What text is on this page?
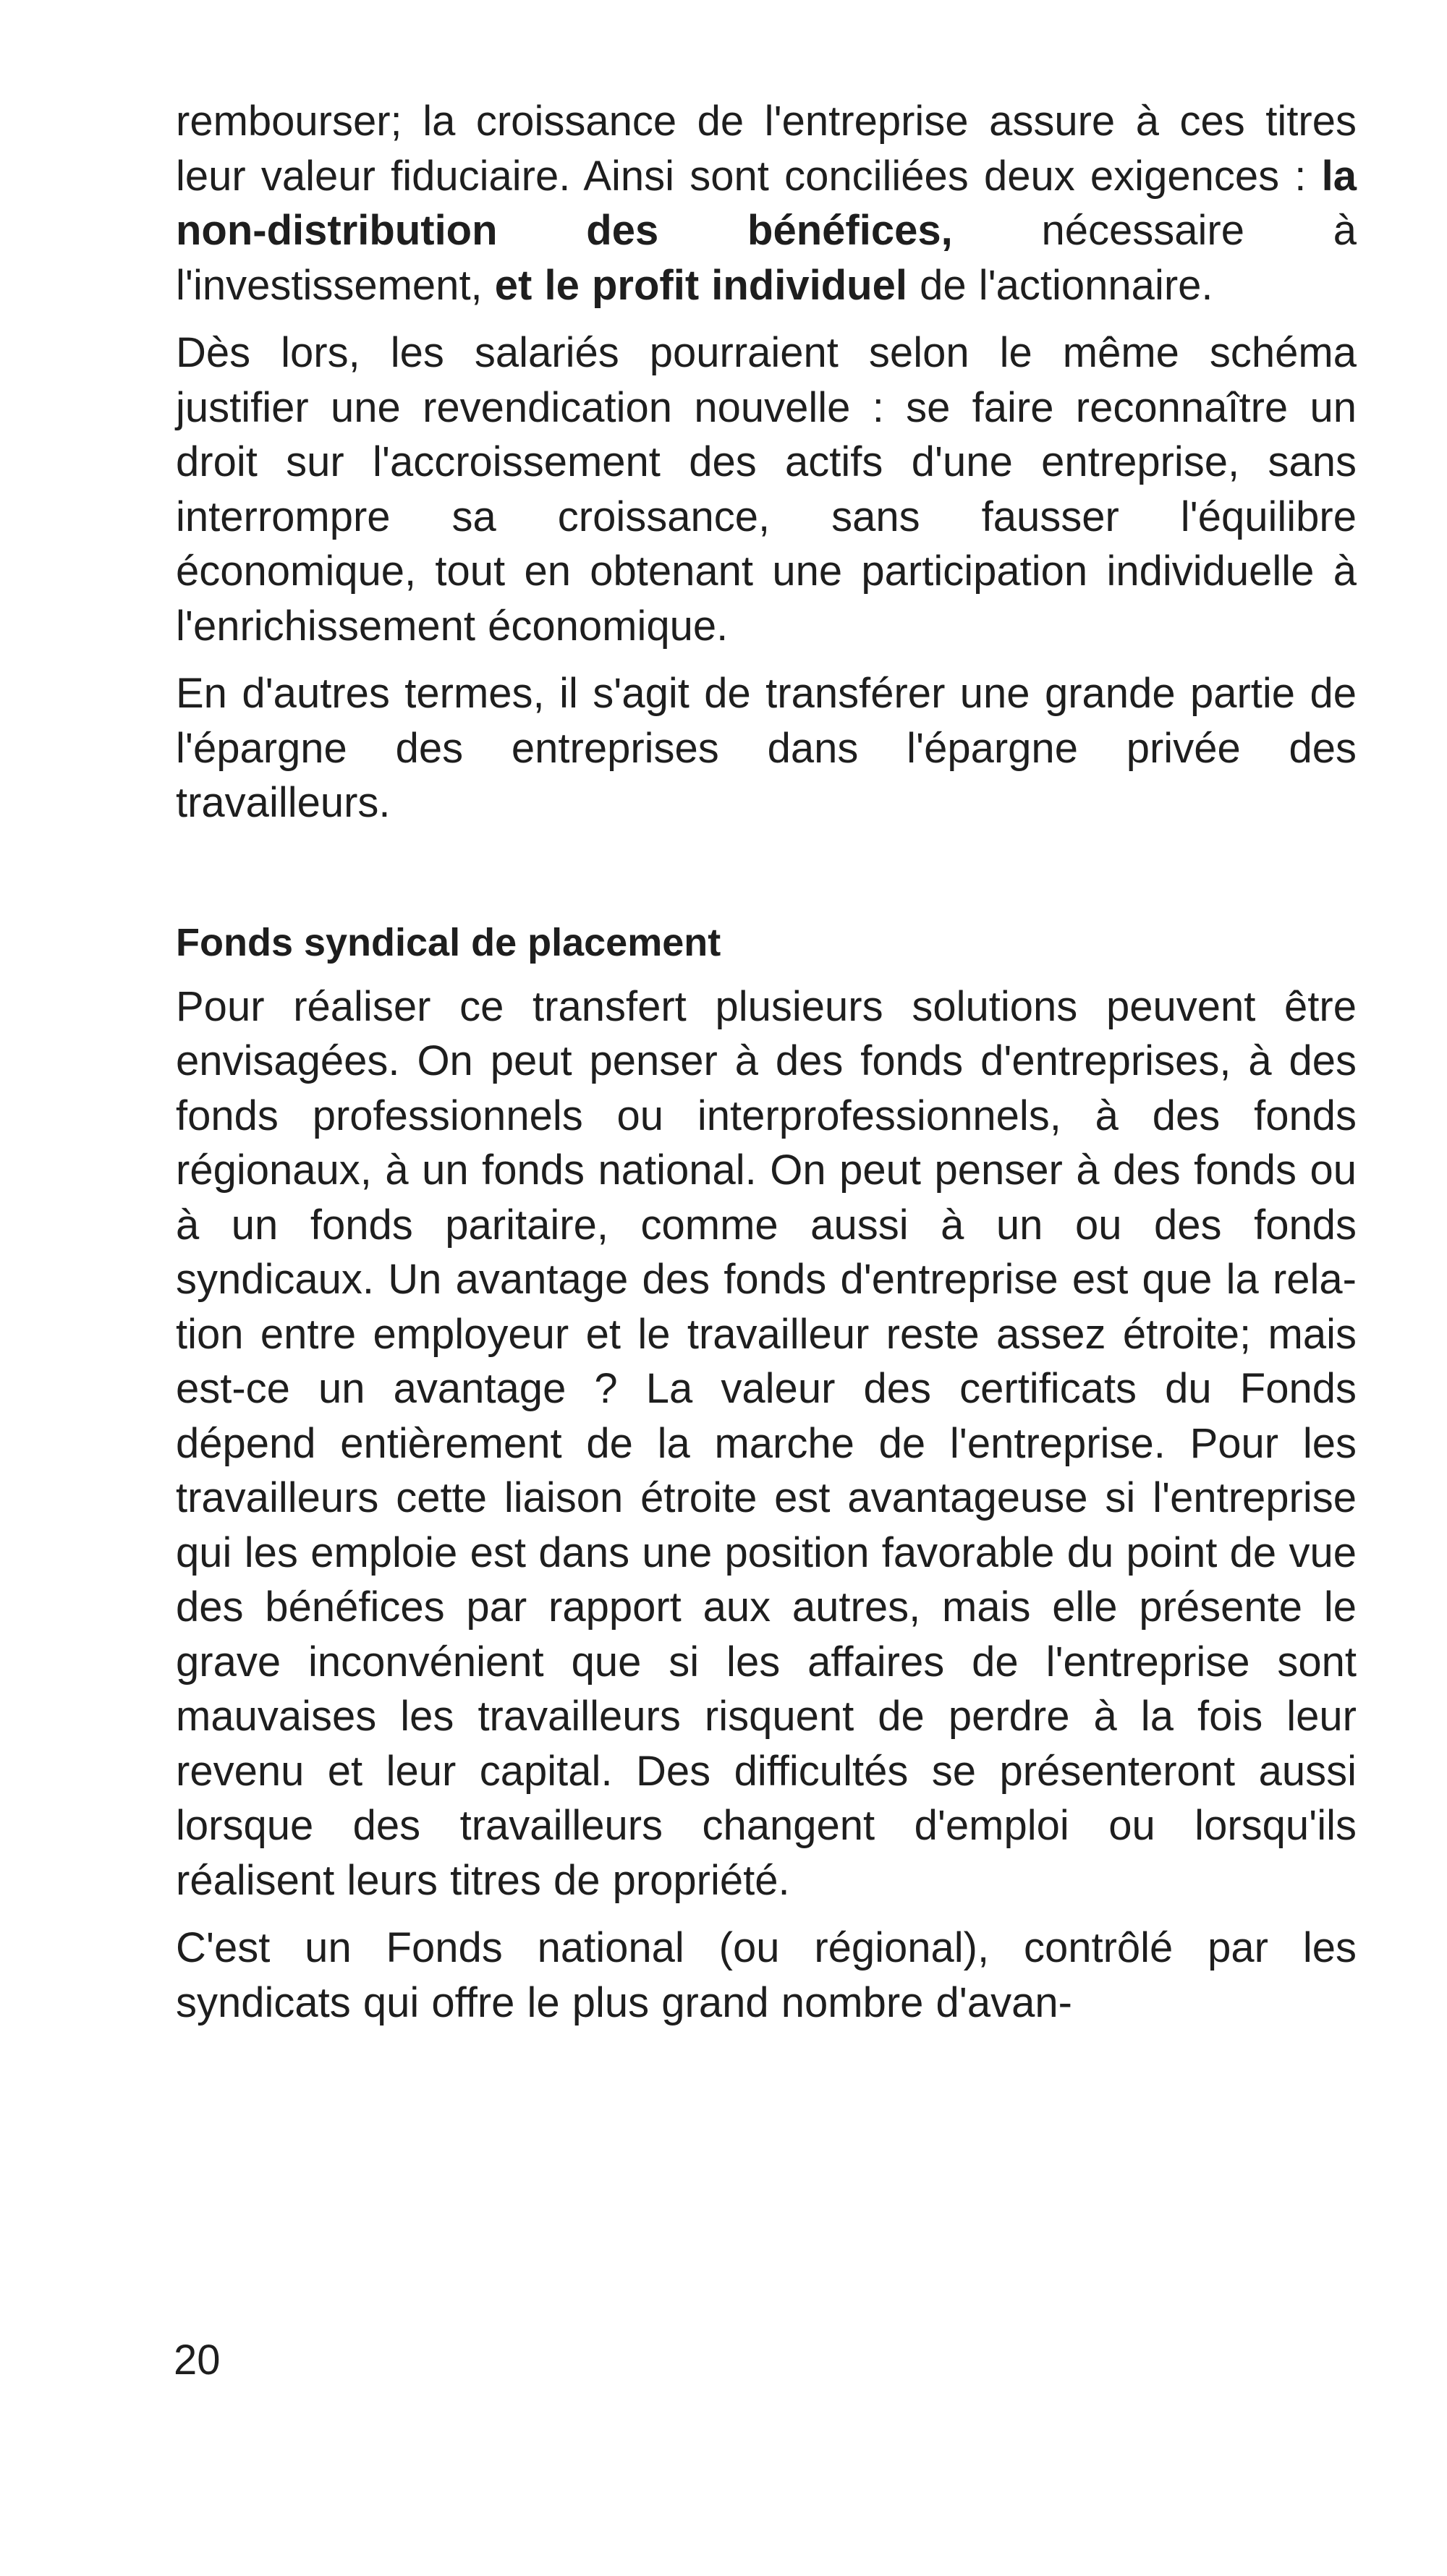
rembourser; la croissance de l'entreprise assure à ces titres leur valeur fiduciaire. Ainsi sont conciliées deux exigences : la non-distribution des bénéfices, nécessaire à l'investissement, et le profit individuel de l'actionnaire.

Dès lors, les salariés pourraient selon le même schéma justifier une revendication nouvelle : se faire reconnaître un droit sur l'accroissement des actifs d'une entreprise, sans interrompre sa croissance, sans fausser l'équilibre économique, tout en obtenant une participation individuelle à l'enrichissement économique.

En d'autres termes, il s'agit de transférer une grande partie de l'épargne des entreprises dans l'épargne privée des travailleurs.

Fonds syndical de placement

Pour réaliser ce transfert plusieurs solutions peuvent être envisagées. On peut penser à des fonds d'entreprises, à des fonds professionnels ou interprofessionnels, à des fonds régionaux, à un fonds national. On peut penser à des fonds ou à un fonds paritaire, comme aussi à un ou des fonds syndicaux. Un avantage des fonds d'entreprise est que la relation entre employeur et le travailleur reste assez étroite; mais est-ce un avantage ? La valeur des certificats du Fonds dépend entièrement de la marche de l'entreprise. Pour les travailleurs cette liaison étroite est avantageuse si l'entreprise qui les emploie est dans une position favorable du point de vue des bénéfices par rapport aux autres, mais elle présente le grave inconvénient que si les affaires de l'entreprise sont mauvaises les travailleurs risquent de perdre à la fois leur revenu et leur capital. Des difficultés se présenteront aussi lorsque des travailleurs changent d'emploi ou lorsqu'ils réalisent leurs titres de propriété.

C'est un Fonds national (ou régional), contrôlé par les syndicats qui offre le plus grand nombre d'avan-

20
